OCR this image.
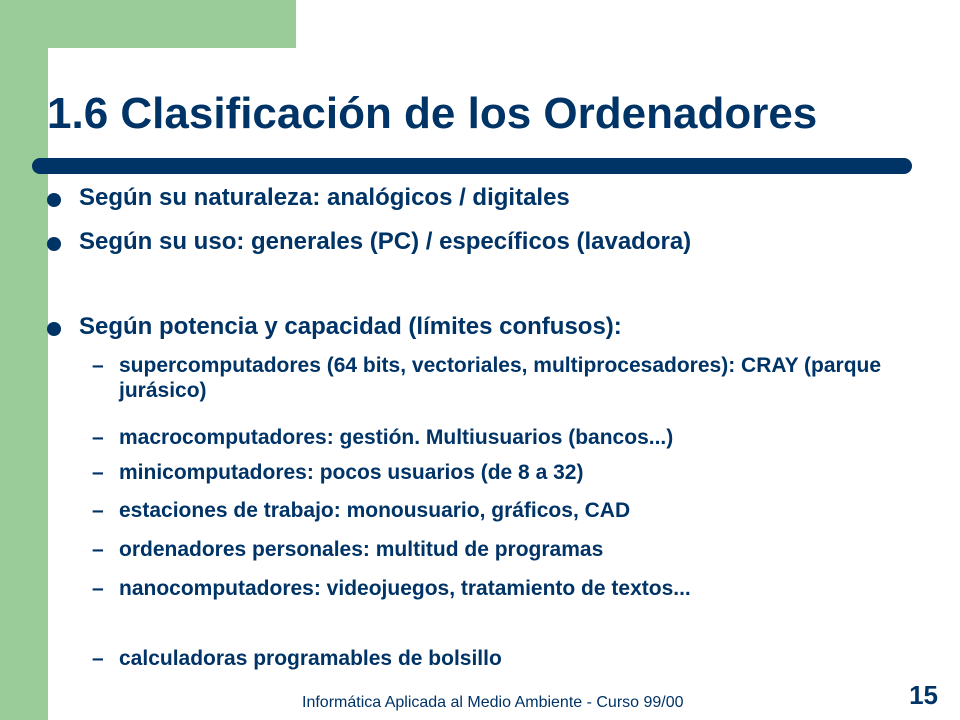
1.6 Clasificación de los Ordenadores
Según su naturaleza: analógicos / digitales
Según su uso: generales (PC) / específicos (lavadora)
Según potencia y capacidad (límites confusos):
– supercomputadores (64 bits, vectoriales, multiprocesadores): CRAY (parque jurásico)
– macrocomputadores: gestión. Multiusuarios (bancos...)
– minicomputadores: pocos usuarios (de 8 a 32)
– estaciones de trabajo: monousuario, gráficos, CAD
– ordenadores personales: multitud de programas
– nanocomputadores: videojuegos, tratamiento de textos...
– calculadoras programables de bolsillo
Informática Aplicada al Medio Ambiente - Curso 99/00	15
